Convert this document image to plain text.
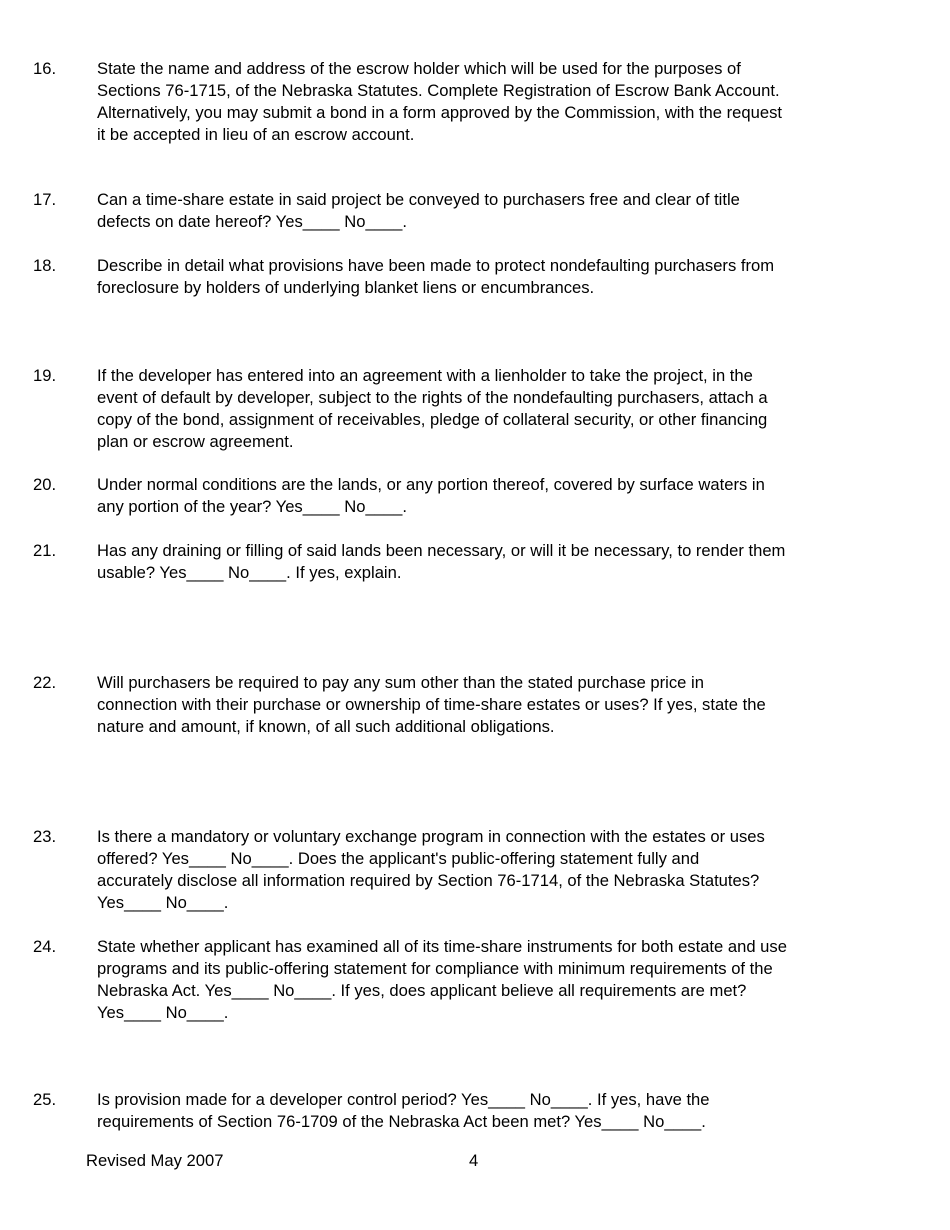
16. State the name and address of the escrow holder which will be used for the purposes of
Sections 76-1715, of the Nebraska Statutes. Complete Registration of Escrow Bank Account.
Alternatively, you may submit a bond in a form approved by the Commission, with the request
it be accepted in lieu of an escrow account.
17. Can a time-share estate in said project be conveyed to purchasers free and clear of title
defects on date hereof? Yes____ No____.
18. Describe in detail what provisions have been made to protect nondefaulting purchasers from
foreclosure by holders of underlying blanket liens or encumbrances.
19. If the developer has entered into an agreement with a lienholder to take the project, in the
event of default by developer, subject to the rights of the nondefaulting purchasers, attach a
copy of the bond, assignment of receivables, pledge of collateral security, or other financing
plan or escrow agreement.
20. Under normal conditions are the lands, or any portion thereof, covered by surface waters in
any portion of the year? Yes____ No____.
21. Has any draining or filling of said lands been necessary, or will it be necessary, to render them
usable? Yes____ No____. If yes, explain.
22. Will purchasers be required to pay any sum other than the stated purchase price in
connection with their purchase or ownership of time-share estates or uses? If yes, state the
nature and amount, if known, of all such additional obligations.
23. Is there a mandatory or voluntary exchange program in connection with the estates or uses
offered? Yes____ No____. Does the applicant's public-offering statement fully and
accurately disclose all information required by Section 76-1714, of the Nebraska Statutes?
Yes____ No____.
24. State whether applicant has examined all of its time-share instruments for both estate and use
programs and its public-offering statement for compliance with minimum requirements of the
Nebraska Act. Yes____ No____. If yes, does applicant believe all requirements are met?
Yes____ No____.
25. Is provision made for a developer control period? Yes____ No____. If yes, have the
requirements of Section 76-1709 of the Nebraska Act been met? Yes____ No____.
Revised May 2007	4
